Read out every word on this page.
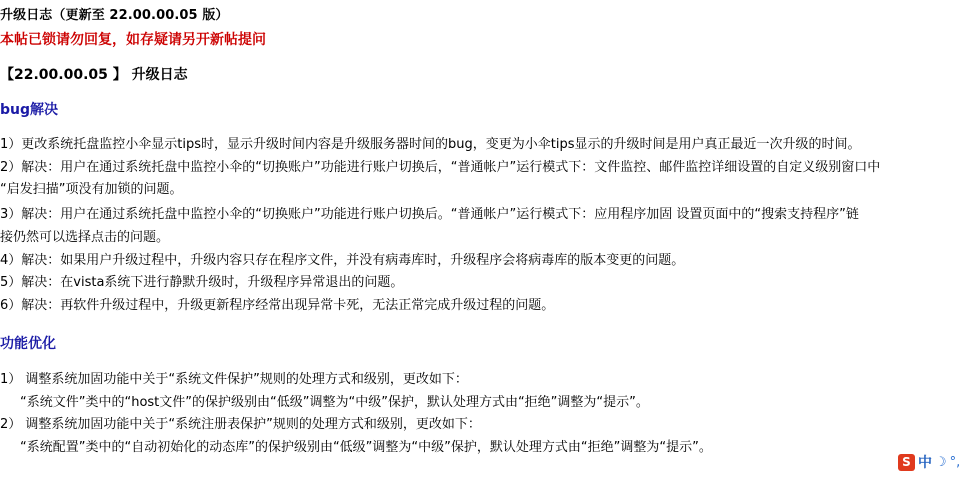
升级日志（更新至 22.00.00.05 版）
本帖已锁请勿回复，如存疑请另开新帖提问
【22.00.00.05 】 升级日志
bug解决
1）更改系统托盘监控小伞显示tips时，显示升级时间内容是升级服务器时间的bug，变更为小伞tips显示的升级时间是用户真正最近一次升级的时间。
2）解决：用户在通过系统托盘中监控小伞的“切换账户”功能进行账户切换后，“普通帐户”运行模式下：文件监控、邮件监控详细设置的自定义级别窗口中
“启发扫描”项没有加锁的问题。
3）解决：用户在通过系统托盘中监控小伞的“切换账户”功能进行账户切换后。“普通帐户”运行模式下：应用程序加固 设置页面中的“搜索支持程序”链
接仍然可以选择点击的问题。
4）解决：如果用户升级过程中，升级内容只存在程序文件，并没有病毒库时，升级程序会将病毒库的版本变更的问题。
5）解决：在vista系统下进行静默升级时，升级程序异常退出的问题。
6）解决：再软件升级过程中，升级更新程序经常出现异常卡死，无法正常完成升级过程的问题。
功能优化
1） 调整系统加固功能中关于“系统文件保护”规则的处理方式和级别，更改如下：
“系统文件”类中的“host文件”的保护级别由“低级”调整为“中级”保护，默认处理方式由“拒绝”调整为“提示”。
2） 调整系统加固功能中关于“系统注册表保护”规则的处理方式和级别，更改如下：
“系统配置”类中的“自动初始化的动态库”的保护级别由“低级”调整为“中级”保护，默认处理方式由“拒绝”调整为“提示”。
S 中 ☽ °,
